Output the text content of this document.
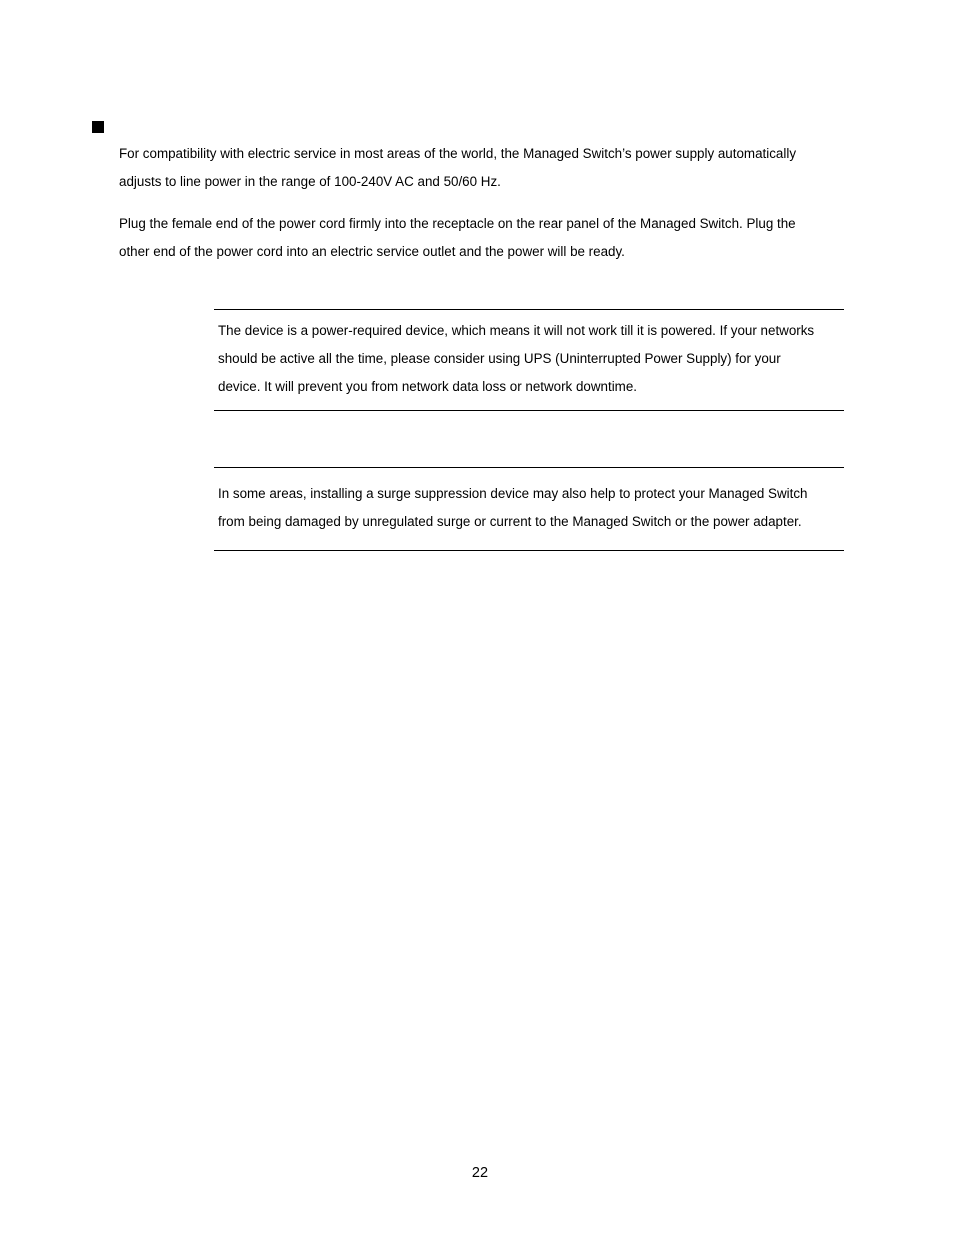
For compatibility with electric service in most areas of the world, the Managed Switch’s power supply automatically
adjusts to line power in the range of 100-240V AC and 50/60 Hz.

Plug the female end of the power cord firmly into the receptacle on the rear panel of the Managed Switch. Plug the
other end of the power cord into an electric service outlet and the power will be ready.

The device is a power-required device, which means it will not work till it is powered. If your networks
should be active all the time, please consider using UPS (Uninterrupted Power Supply) for your
device. It will prevent you from network data loss or network downtime.

In some areas, installing a surge suppression device may also help to protect your Managed Switch
from being damaged by unregulated surge or current to the Managed Switch or the power adapter.

22
